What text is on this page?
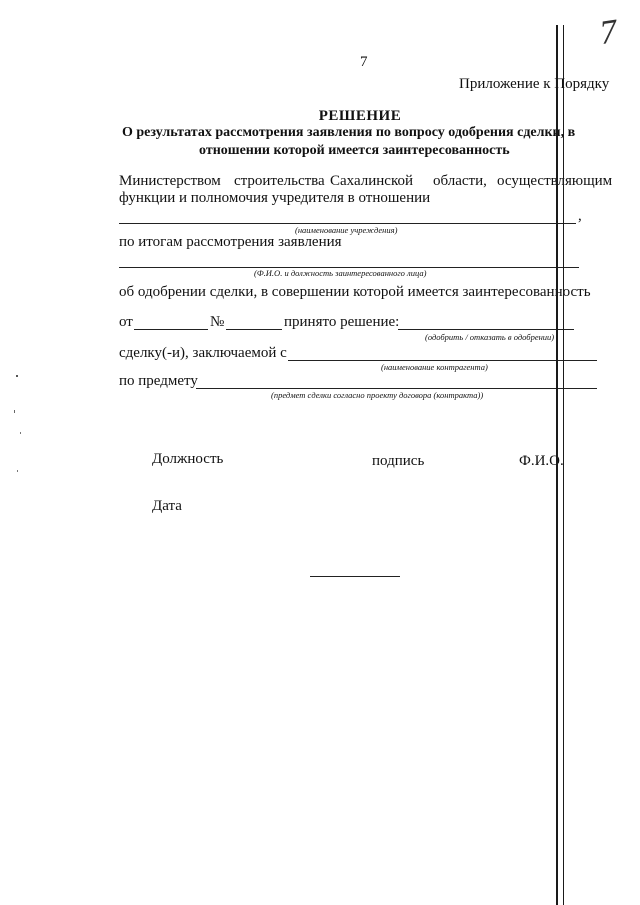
7
7
Приложение к Порядку
РЕШЕНИЕ
О результатах рассмотрения заявления по вопросу одобрения сделки, в
отношении которой имеется заинтересованность
Министерством строительства Сахалинской области, осуществляющим
функции и полномочия учредителя в отношении
,
(наименование учреждения)
по итогам рассмотрения заявления
(Ф.И.О. и должность заинтересованного лица)
об одобрении сделки, в совершении которой имеется заинтересованность
от	№	принято решение:
(одобрить / отказать в одобрении)
сделку(-и), заключаемой с
(наименование контрагента)
по предмету
(предмет сделки согласно проекту договора (контракта))
Должность	подпись	Ф.И.О.
Дата
